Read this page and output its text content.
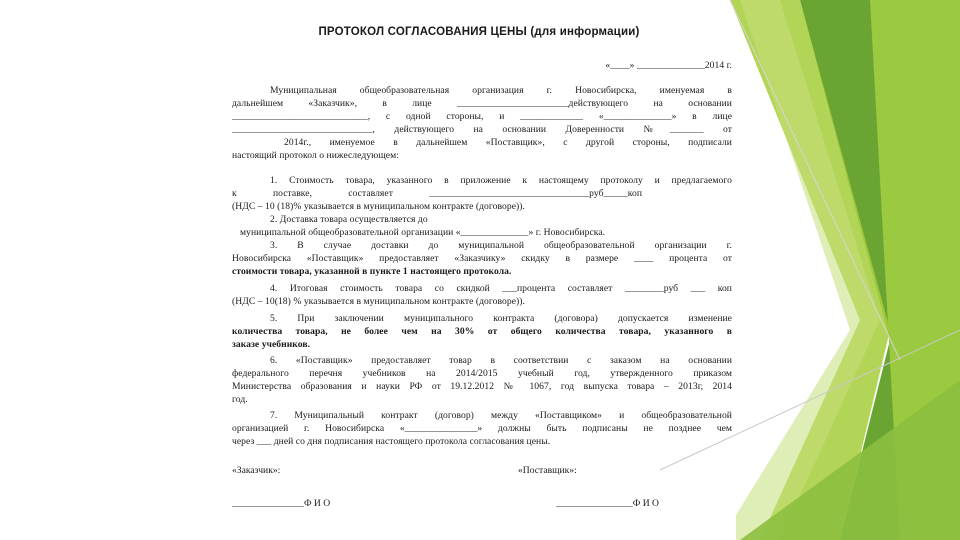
ПРОТОКОЛ СОГЛАСОВАНИЯ ЦЕНЫ (для информации)

«____» ______________2014 г.

Муниципальная общеобразовательная организация г. Новосибирска, именуемая в

дальнейшем «Заказчик», в лице _______________________действующего на основании

____________________________, с одной стороны, и _____________ «______________» в лице

_____________________________, действующего на основании Доверенности №_______ от

2014г., именуемое в дальнейшем «Поставщик», с другой стороны, подписали

настоящий протокол о нижеследующем:

1. Стоимость товара, указанного в приложение к настоящему протоколу и предлагаемого

к поставке, составляет _________________________________руб_____коп

(НДС – 10 (18)% указывается в муниципальном контракте (договоре)).

2. Доставка товара осуществляется до

муниципальной общеобразовательной организации «______________» г. Новосибирска.

3. В случае доставки до муниципальной общеобразовательной организации г.

Новосибирска «Поставщик» предоставляет «Заказчику» скидку в размере ____ процента от

стоимости товара, указанной в пункте 1 настоящего протокола.

4. Итоговая стоимость товара со скидкой ___процента составляет ________руб ___ коп

(НДС – 10(18) % указывается в муниципальном контракте (договоре)).

5. При заключении муниципального контракта (договора) допускается изменение

количества товара, не более чем на 30% от общего количества товара, указанного в

заказе учебников.

6. «Поставщик» предоставляет товар в соответствии с заказом на основании

федерального перечня учебников на 2014/2015 учебный год, утвержденного приказом

Министерства образования и науки РФ от 19.12.2012 № 1067, год выпуска товара – 2013г, 2014

год.

7. Муниципальный контракт (договор) между «Поставщиком» и общеобразовательной

организацией г. Новосибирска «_______________» должны быть подписаны не позднее чем

через ___ дней со дня подписания настоящего протокола согласования цены.

«Заказчик»:	«Поставщик»:
_______________Ф И О	________________Ф И О
